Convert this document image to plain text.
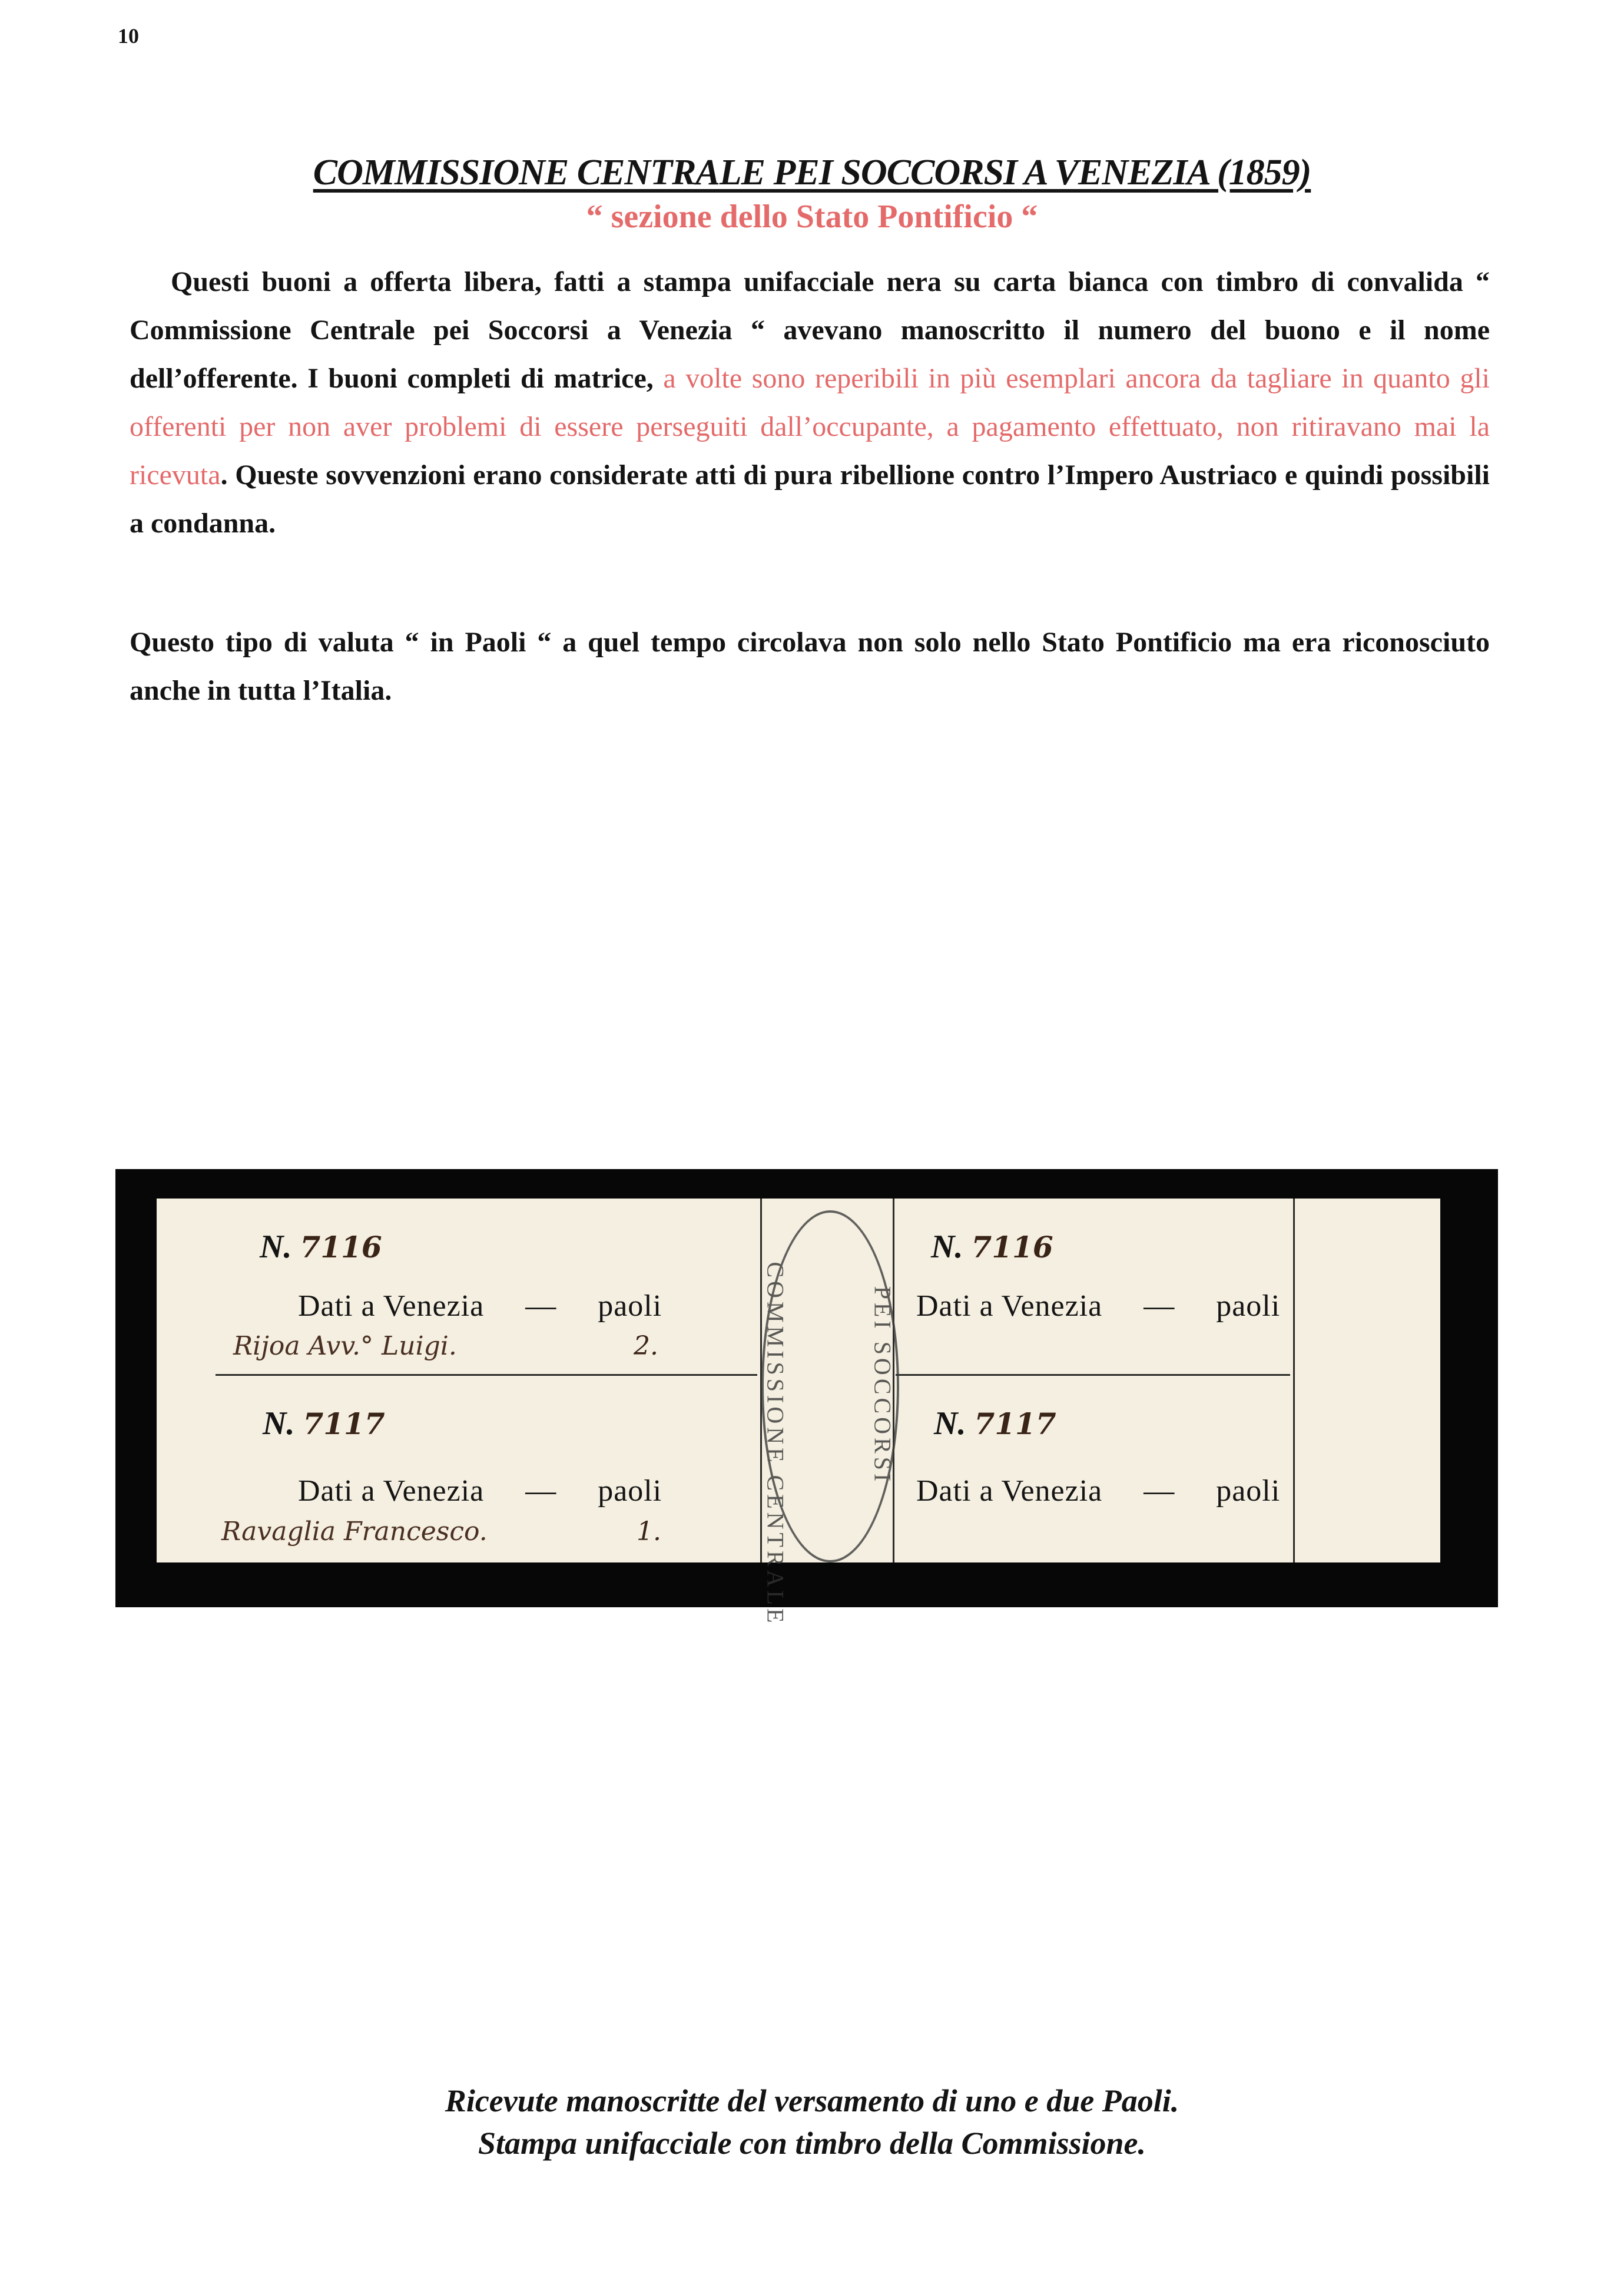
10
COMMISSIONE CENTRALE PEI SOCCORSI A VENEZIA (1859)
“ sezione dello Stato Pontificio “

Questi buoni a offerta libera, fatti a stampa unifacciale nera su carta bianca con timbro di convalida “ Commissione Centrale pei Soccorsi a Venezia “ avevano manoscritto il numero del buono e il nome dell’offerente. I buoni completi di matrice, a volte sono reperibili in più esemplari ancora da tagliare in quanto gli offerenti per non aver problemi di essere perseguiti dall’occupante, a pagamento effettuato, non ritiravano mai la ricevuta. Queste sovvenzioni erano considerate atti di pura ribellione contro l’Impero Austriaco e quindi possibili a condanna.

Questo tipo di valuta “ in Paoli “ a quel tempo circolava non solo nello Stato Pontificio ma era riconosciuto anche in tutta l’Italia.

COMMISSIONE CENTRALE	PEI SOCCORSI
N. 7116
Dati a Venezia     —     paoli
Rijoa Avv.° Luigi.	2.
N. 7117
Dati a Venezia     —     paoli
Ravaglia Francesco.	1.
N. 7116
Dati a Venezia     —     paoli
N. 7117
Dati a Venezia     —     paoli
Ricevute manoscritte del versamento di uno e due Paoli.
Stampa unifacciale con timbro della Commissione.
